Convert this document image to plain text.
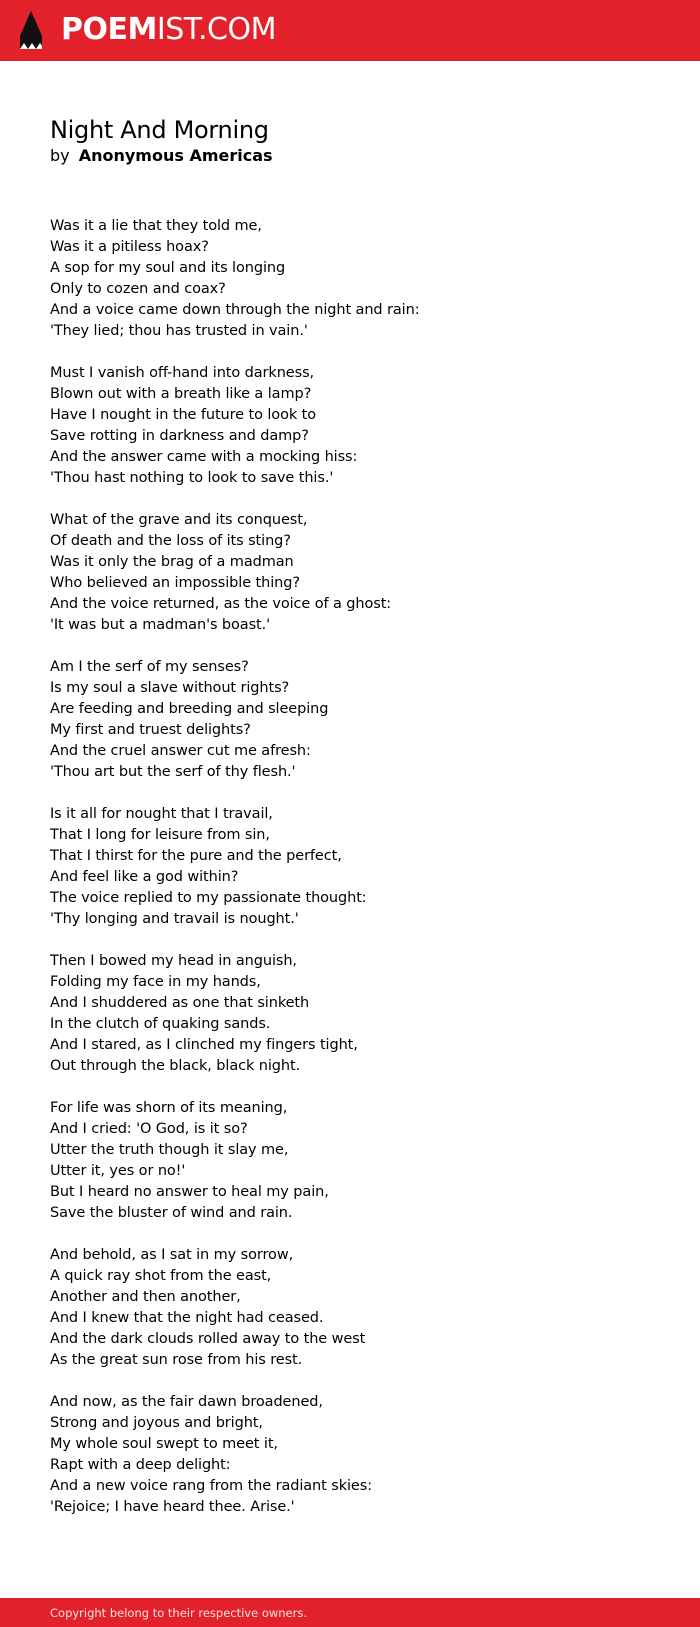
POEMIST.COM
Night And Morning
by Anonymous Americas
Was it a lie that they told me,
Was it a pitiless hoax?
A sop for my soul and its longing
Only to cozen and coax?
And a voice came down through the night and rain:
'They lied; thou has trusted in vain.'
Must I vanish off-hand into darkness,
Blown out with a breath like a lamp?
Have I nought in the future to look to
Save rotting in darkness and damp?
And the answer came with a mocking hiss:
'Thou hast nothing to look to save this.'
What of the grave and its conquest,
Of death and the loss of its sting?
Was it only the brag of a madman
Who believed an impossible thing?
And the voice returned, as the voice of a ghost:
'It was but a madman's boast.'
Am I the serf of my senses?
Is my soul a slave without rights?
Are feeding and breeding and sleeping
My first and truest delights?
And the cruel answer cut me afresh:
'Thou art but the serf of thy flesh.'
Is it all for nought that I travail,
That I long for leisure from sin,
That I thirst for the pure and the perfect,
And feel like a god within?
The voice replied to my passionate thought:
'Thy longing and travail is nought.'
Then I bowed my head in anguish,
Folding my face in my hands,
And I shuddered as one that sinketh
In the clutch of quaking sands.
And I stared, as I clinched my fingers tight,
Out through the black, black night.
For life was shorn of its meaning,
And I cried: 'O God, is it so?
Utter the truth though it slay me,
Utter it, yes or no!'
But I heard no answer to heal my pain,
Save the bluster of wind and rain.
And behold, as I sat in my sorrow,
A quick ray shot from the east,
Another and then another,
And I knew that the night had ceased.
And the dark clouds rolled away to the west
As the great sun rose from his rest.
And now, as the fair dawn broadened,
Strong and joyous and bright,
My whole soul swept to meet it,
Rapt with a deep delight:
And a new voice rang from the radiant skies:
'Rejoice; I have heard thee. Arise.'
Copyright belong to their respective owners.
